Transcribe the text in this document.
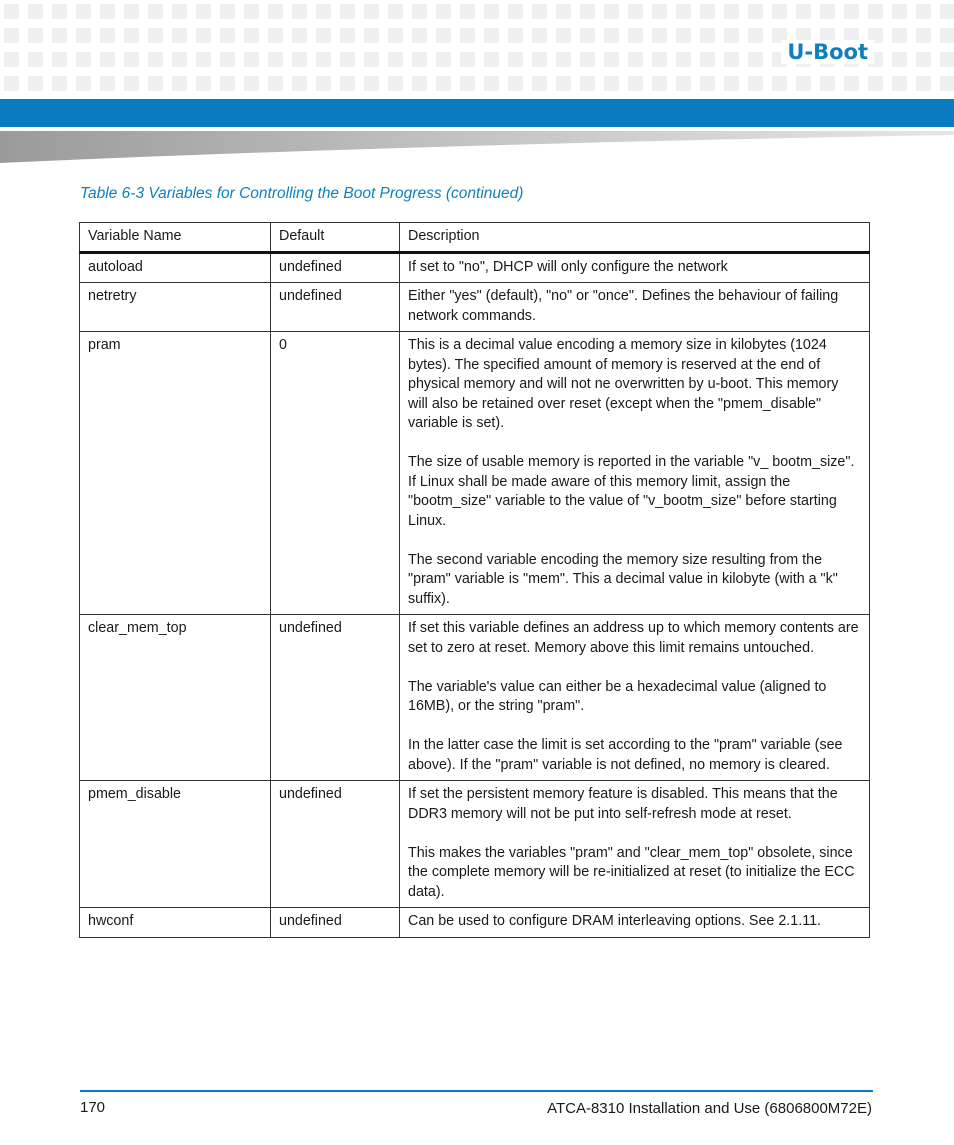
U-Boot
Table 6-3 Variables for Controlling the Boot Progress (continued)
Variable Name	Default	Description
autoload	undefined	If set to "no", DHCP will only configure the network

netretry	undefined	Either "yes" (default), "no" or "once". Defines the behaviour of failing network commands.

pram	0	This is a decimal value encoding a memory size in kilobytes (1024 bytes). The specified amount of memory is reserved at the end of physical memory and will not ne overwritten by u-boot. This memory will also be retained over reset (except when the "pmem_disable" variable is set).

The size of usable memory is reported in the variable "v_ bootm_size". If Linux shall be made aware of this memory limit, assign the "bootm_size" variable to the value of "v_bootm_size" before starting Linux.

The second variable encoding the memory size resulting from the "pram" variable is "mem". This a decimal value in kilobyte (with a "k" suffix).

clear_mem_top	undefined	If set this variable defines an address up to which memory contents are set to zero at reset. Memory above this limit remains untouched.

The variable's value can either be a hexadecimal value (aligned to 16MB), or the string "pram".

In the latter case the limit is set according to the "pram" variable (see above). If the "pram" variable is not defined, no memory is cleared.

pmem_disable	undefined	If set the persistent memory feature is disabled. This means that the DDR3 memory will not be put into self-refresh mode at reset.

This makes the variables "pram" and "clear_mem_top" obsolete, since the complete memory will be re-initialized at reset (to initialize the ECC data).

hwconf	undefined	Can be used to configure DRAM interleaving options. See 2.1.11.

170	ATCA-8310 Installation and Use (6806800M72E)
